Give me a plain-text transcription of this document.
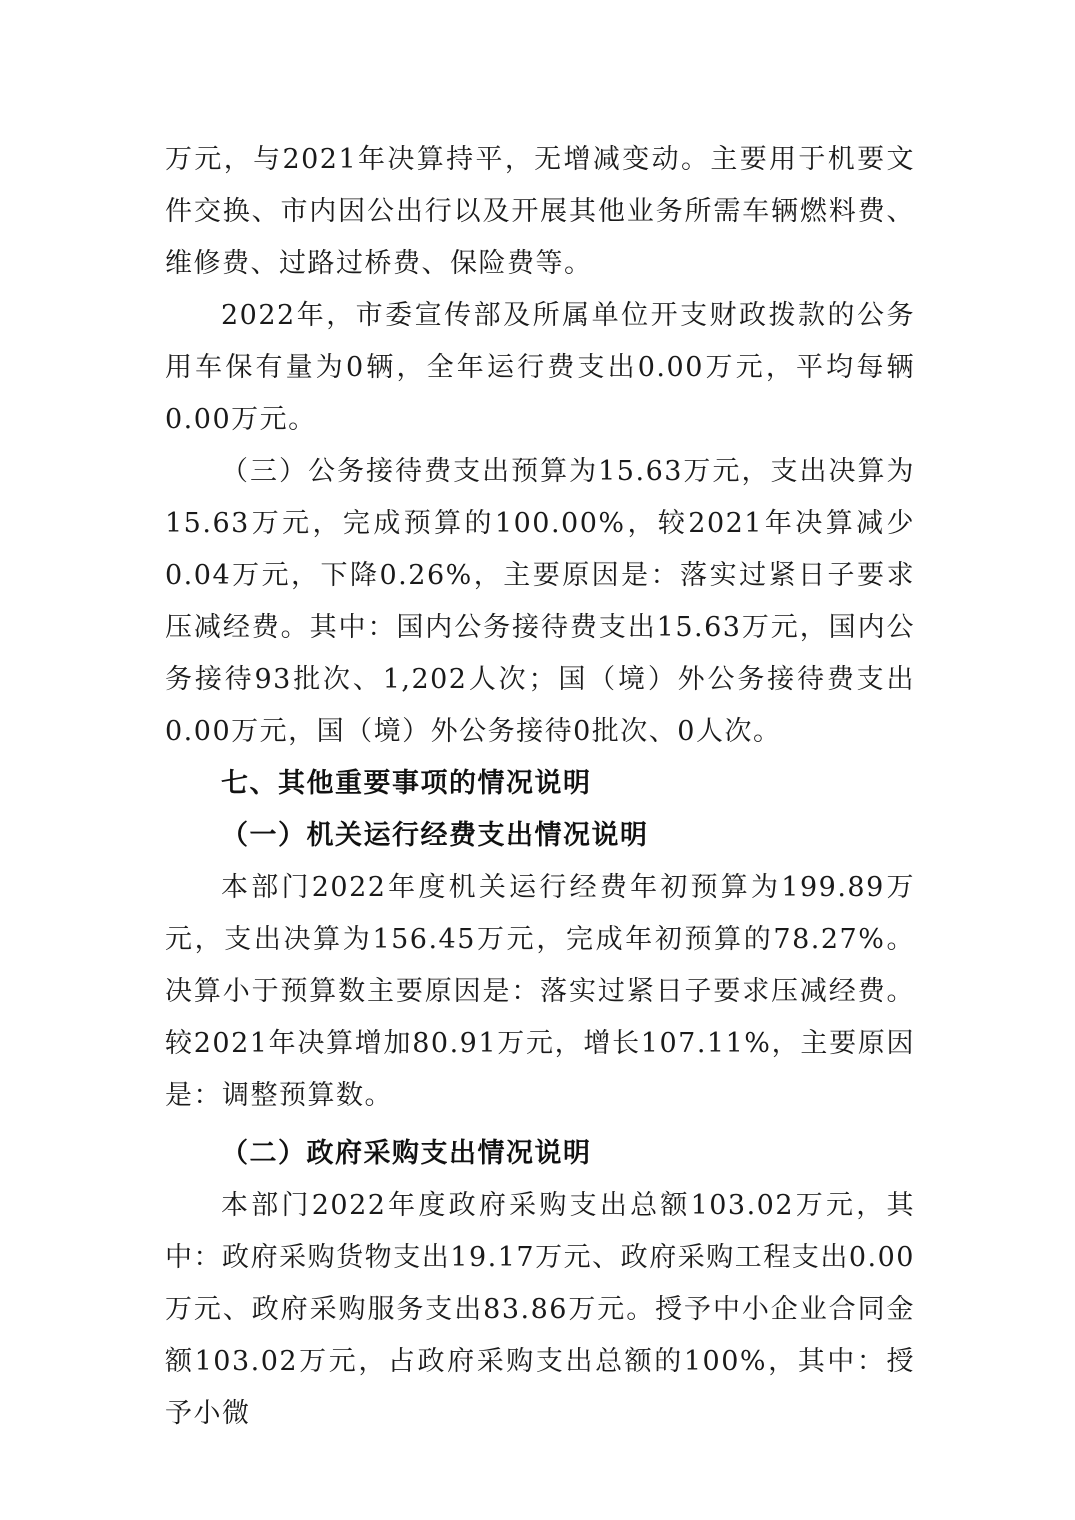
万元，与2021年决算持平，无增减变动。主要用于机要文件交换、市内因公出行以及开展其他业务所需车辆燃料费、维修费、过路过桥费、保险费等。

2022年，市委宣传部及所属单位开支财政拨款的公务用车保有量为0辆，全年运行费支出0.00万元，平均每辆0.00万元。

（三）公务接待费支出预算为15.63万元，支出决算为15.63万元，完成预算的100.00%，较2021年决算减少0.04万元，下降0.26%，主要原因是：落实过紧日子要求压减经费。其中：国内公务接待费支出15.63万元，国内公务接待93批次、1,202人次；国（境）外公务接待费支出0.00万元，国（境）外公务接待0批次、0人次。

七、其他重要事项的情况说明

（一）机关运行经费支出情况说明

本部门2022年度机关运行经费年初预算为199.89万元，支出决算为156.45万元，完成年初预算的78.27%。决算小于预算数主要原因是：落实过紧日子要求压减经费。较2021年决算增加80.91万元，增长107.11%，主要原因是：调整预算数。

（二）政府采购支出情况说明

本部门2022年度政府采购支出总额103.02万元，其中：政府采购货物支出19.17万元、政府采购工程支出0.00万元、政府采购服务支出83.86万元。授予中小企业合同金额103.02万元，占政府采购支出总额的100%，其中：授予小微
